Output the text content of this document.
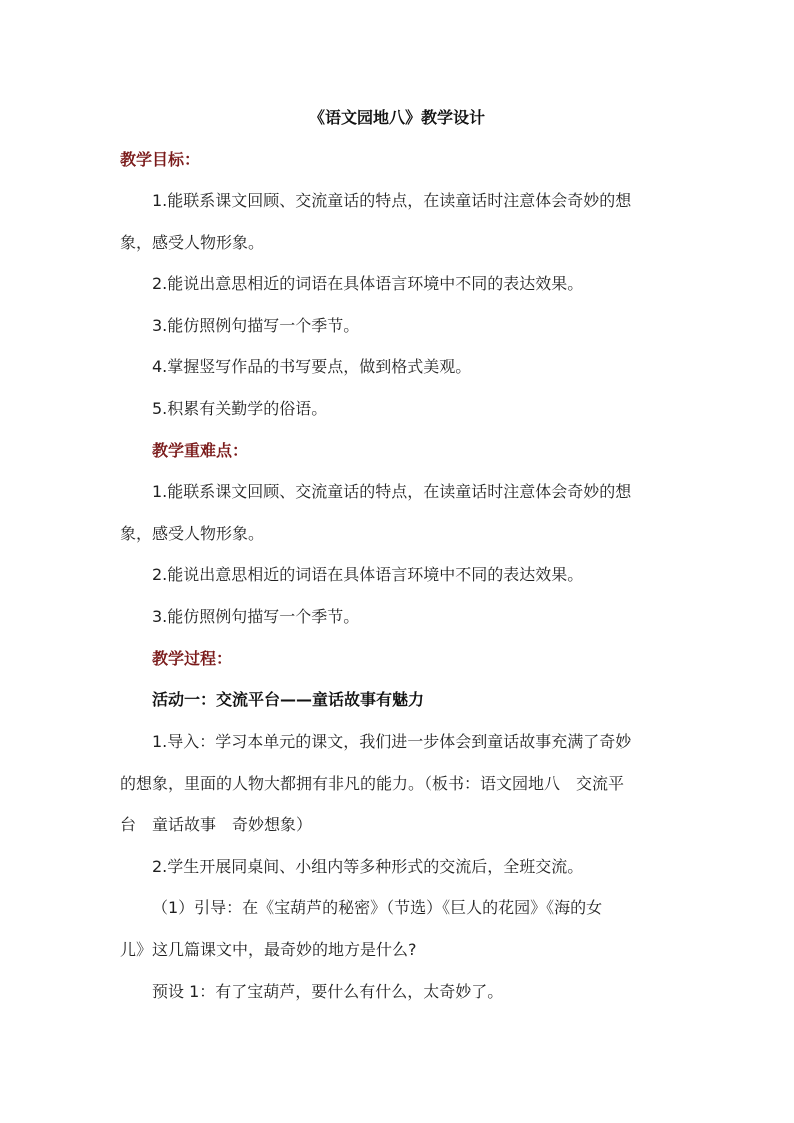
《语文园地八》教学设计
教学目标：
1.能联系课文回顾、交流童话的特点，在读童话时注意体会奇妙的想
象，感受人物形象。
2.能说出意思相近的词语在具体语言环境中不同的表达效果。
3.能仿照例句描写一个季节。
4.掌握竖写作品的书写要点，做到格式美观。
5.积累有关勤学的俗语。
教学重难点：
1.能联系课文回顾、交流童话的特点，在读童话时注意体会奇妙的想
象，感受人物形象。
2.能说出意思相近的词语在具体语言环境中不同的表达效果。
3.能仿照例句描写一个季节。
教学过程：
活动一：交流平台——童话故事有魅力
1.导入：学习本单元的课文，我们进一步体会到童话故事充满了奇妙
的想象，里面的人物大都拥有非凡的能力。（板书：语文园地八　交流平
台　童话故事　奇妙想象）
2.学生开展同桌间、小组内等多种形式的交流后，全班交流。
（1）引导：在《宝葫芦的秘密》（节选）《巨人的花园》《海的女
儿》这几篇课文中，最奇妙的地方是什么?
预设 1：有了宝葫芦，要什么有什么，太奇妙了。
